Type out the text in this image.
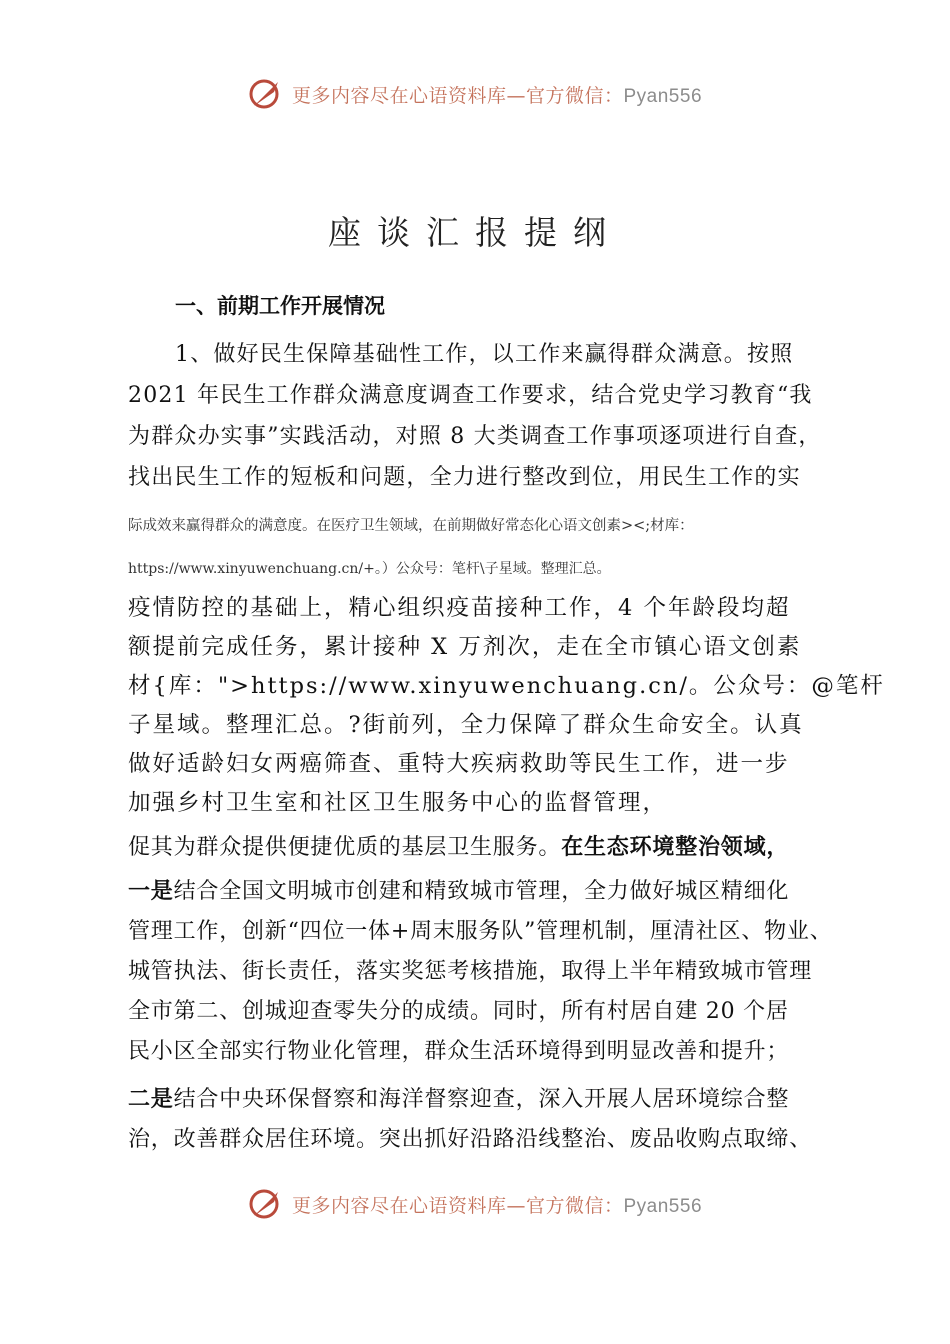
更多内容尽在心语资料库—官方微信：Pyan556
座谈汇报提纲

一、前期工作开展情况

1、做好民生保障基础性工作，以工作来赢得群众满意。按照

2021 年民生工作群众满意度调查工作要求，结合党史学习教育“我

为群众办实事”实践活动，对照 8 大类调查工作事项逐项进行自查，

找出民生工作的短板和问题，全力进行整改到位，用民生工作的实

际成效来赢得群众的满意度。在医疗卫生领域，在前期做好常态化心语文创素><;材库：

https://www.xinyuwenchuang.cn/+。）公众号：笔杆\子星域。整理汇总。

疫情防控的基础上，精心组织疫苗接种工作，4 个年龄段均超

额提前完成任务，累计接种 X 万剂次，走在全市镇心语文创素

材{库：">https://www.xinyuwenchuang.cn/。公众号：@笔杆

子星域。整理汇总。?街前列，全力保障了群众生命安全。认真

做好适龄妇女两癌筛查、重特大疾病救助等民生工作，进一步

加强乡村卫生室和社区卫生服务中心的监督管理，

促其为群众提供便捷优质的基层卫生服务。在生态环境整治领域，

一是结合全国文明城市创建和精致城市管理，全力做好城区精细化

管理工作，创新“四位一体+周末服务队”管理机制，厘清社区、物业、

城管执法、街长责任，落实奖惩考核措施，取得上半年精致城市管理

全市第二、创城迎查零失分的成绩。同时，所有村居自建 20 个居

民小区全部实行物业化管理，群众生活环境得到明显改善和提升；

二是结合中央环保督察和海洋督察迎查，深入开展人居环境综合整

治，改善群众居住环境。突出抓好沿路沿线整治、废品收购点取缔、

更多内容尽在心语资料库—官方微信：Pyan556
